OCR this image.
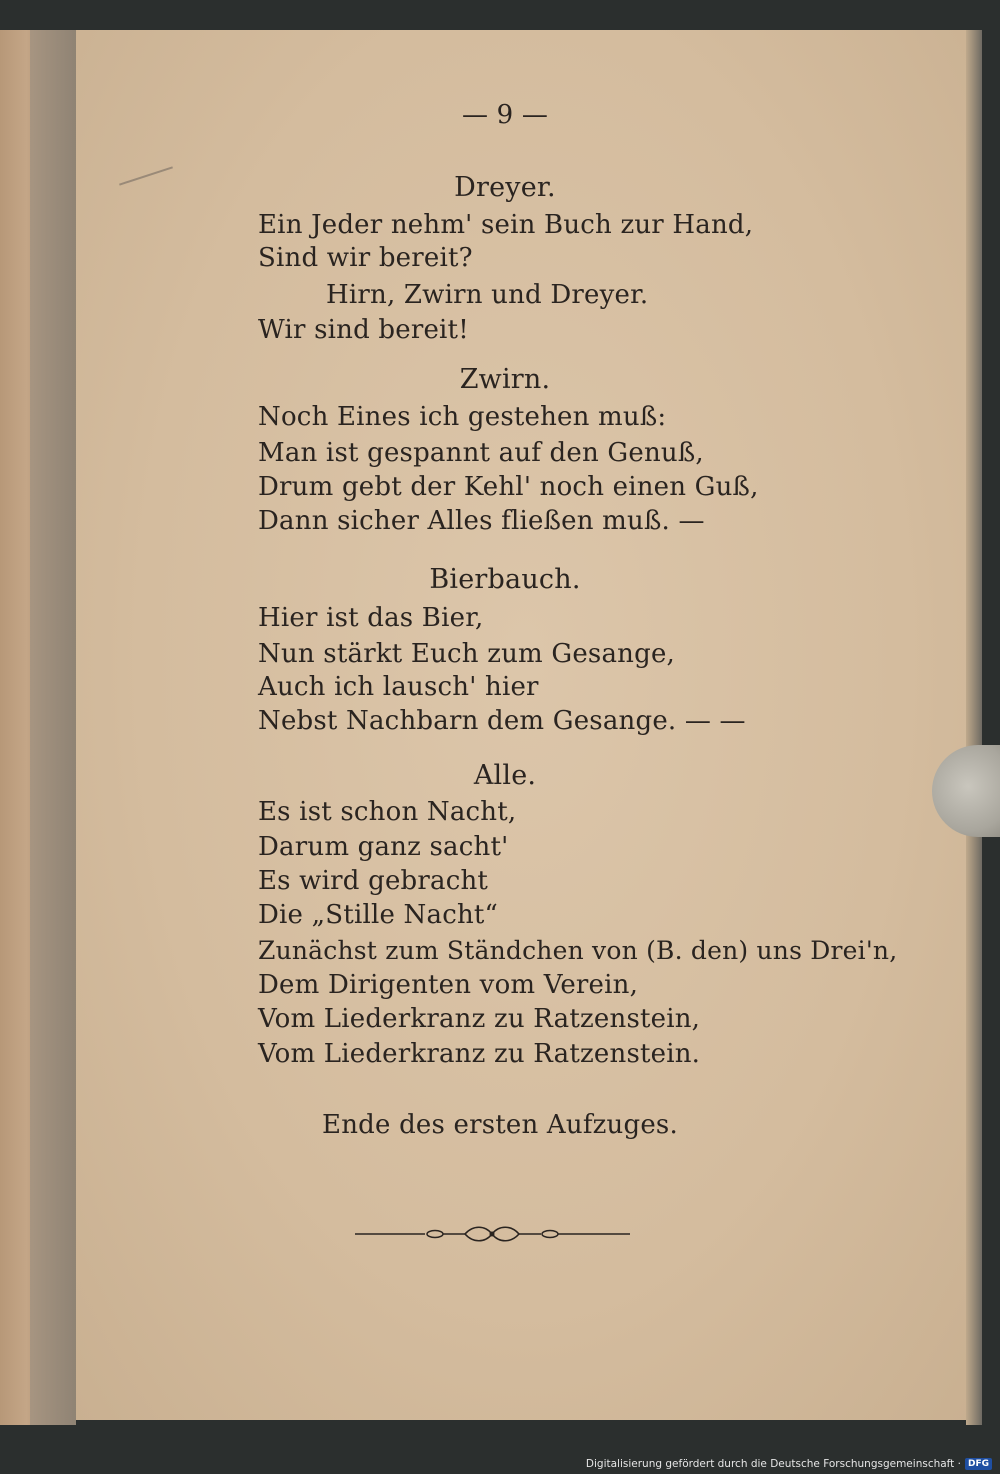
— 9 —
Dreyer.
Ein Jeder nehm' sein Buch zur Hand,
Sind wir bereit?
Hirn, Zwirn und Dreyer.
Wir sind bereit!
Zwirn.
Noch Eines ich gestehen muß:
Man ist gespannt auf den Genuß,
Drum gebt der Kehl' noch einen Guß,
Dann sicher Alles fließen muß. —
Bierbauch.
Hier ist das Bier,
Nun stärkt Euch zum Gesange,
Auch ich lausch' hier
Nebst Nachbarn dem Gesange. — —
Alle.
Es ist schon Nacht,
Darum ganz sacht'
Es wird gebracht
Die „Stille Nacht“
Zunächst zum Ständchen von (B. den) uns Drei'n,
Dem Dirigenten vom Verein,
Vom Liederkranz zu Ratzenstein,
Vom Liederkranz zu Ratzenstein.
Ende des ersten Aufzuges.
Digitalisierung gefördert durch die Deutsche Forschungsgemeinschaft · DFG
